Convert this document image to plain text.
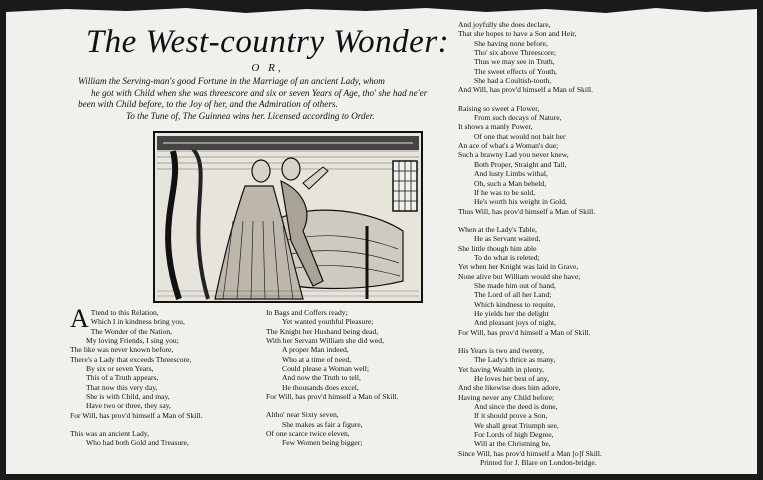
The West-country Wonder:
O R,

William the Serving-man's good Fortune in the Marriage of an ancient Lady, whom

he got with Child when she was threescore and six or seven Years of Age, tho' she had ne'er

been with Child before, to the Joy of her, and the Admiration of others.

To the Tune of, The Guinnea wins her. Licensed according to Order.

A Ttend to this Relation,
Which I in kindness bring you,
The Wonder of the Nation,
My loving Friends, I sing you;
The like was never known before,
There's a Lady that exceeds Threescore,
By six or seven Years,
This of a Truth appears,
That now this very day,
She is with Child, and may,
Have two or three, they say,
For Will, has prov'd himself a Man of Skill.
This was an ancient Lady,
Who had both Gold and Treasure,
In Bags and Coffers ready;
Yet wanted youthful Pleasure;
The Knight her Husband being dead,
With her Servant William she did wed,
A proper Man indeed,
Who at a time of need,
Could please a Woman well;
And now the Truth to tell,
He thousands does excel,
For Will, has prov'd himself a Man of Skill.
Altho' near Sixty seven,
She makes as fair a figure,
Of one scarce twice eleven,
Few Women being bigger;
And joyfully she does declare,
That she hopes to have a Son and Heir,
She having none before,
Tho' six above Threescore;
Thus we may see in Truth,
The sweet effects of Youth,
She had a Coultish-tooth,
And Will, has prov'd himself a Man of Skill.
Raising so sweet a Flower,
From such decays of Nature,
It shows a manly Power,
Of one that would not bait her
An ace of what's a Woman's due;
Such a brawny Lad you never knew,
Both Proper, Straight and Tall,
And lusty Limbs withal,
Oh, such a Man beheld,
If he was to be sold,
He's worth his weight in Gold,
Thus Will, has prov'd himself a Man of Skill.
When at the Lady's Table,
He as Servant waited,
She little though him able
To do what is releted;
Yet when her Knight was laid in Grave,
None alive but William would she have;
She made him out of hand,
The Lord of all her Land;
Which kindness to requite,
He yields her the delight
And pleasant joys of night,
For Will, has prov'd himself a Man of Skill.
His Years is two and twenty,
The Lady's thrice as many,
Yet having Wealth in plenty,
He loves her best of any,
And she likewise does him adore,
Having never any Child before;
And since the deed is done,
If it should prove a Son,
We shall great Triumph see,
For Lords of high Degree,
Will at the Christning be,
Since Will, has prov'd himself a Man [o]f Skill.
Printed for J. Blare on London-bridge.
